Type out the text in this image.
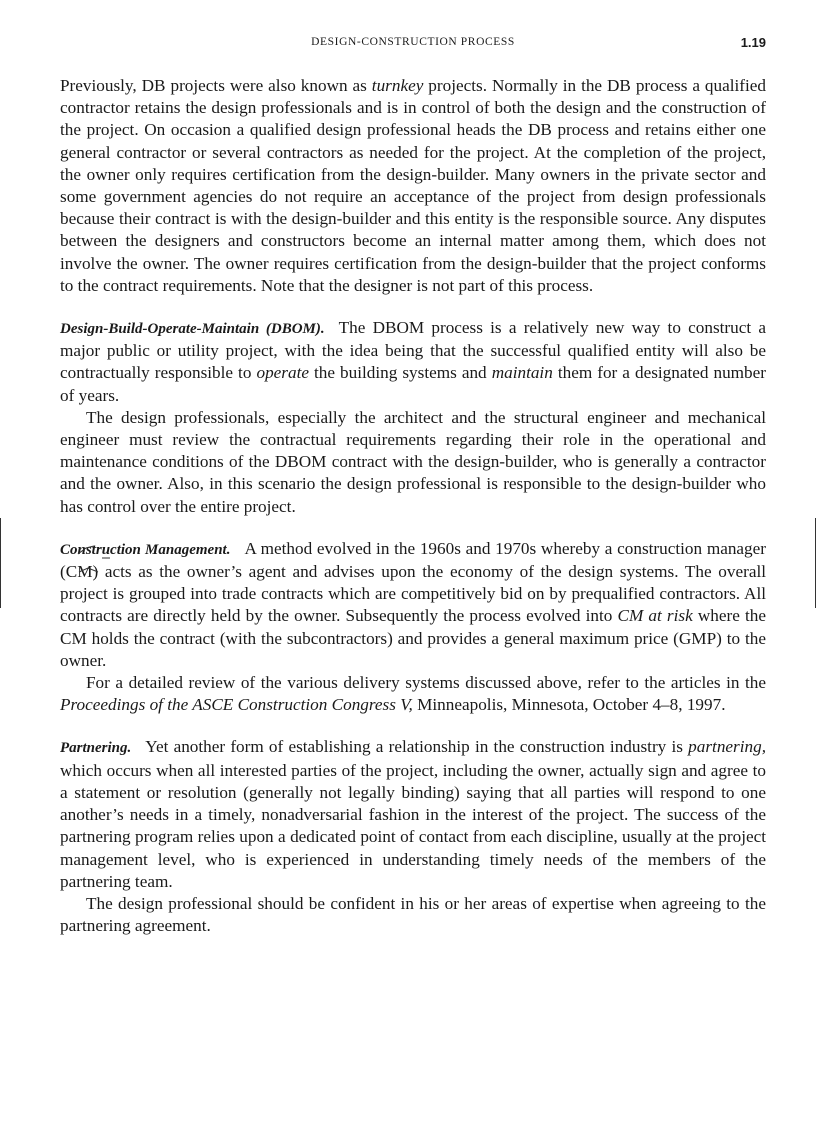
DESIGN-CONSTRUCTION PROCESS	1.19

Previously, DB projects were also known as turnkey projects. Normally in the DB process a qualified contractor retains the design professionals and is in control of both the design and the construction of the project. On occasion a qualified design professional heads the DB process and retains either one general contractor or several contractors as needed for the project. At the completion of the project, the owner only requires certification from the design-builder. Many owners in the private sector and some government agencies do not require an acceptance of the project from design professionals because their contract is with the design-builder and this entity is the responsible source. Any disputes between the designers and constructors become an internal matter among them, which does not involve the owner. The owner requires certification from the design-builder that the project conforms to the contract requirements. Note that the designer is not part of this process.

Design-Build-Operate-Maintain (DBOM). The DBOM process is a relatively new way to construct a major public or utility project, with the idea being that the successful qualified entity will also be contractually responsible to operate the building systems and maintain them for a designated number of years.

The design professionals, especially the architect and the structural engineer and mechanical engineer must review the contractual requirements regarding their role in the operational and maintenance conditions of the DBOM contract with the design-builder, who is generally a contractor and the owner. Also, in this scenario the design professional is responsible to the design-builder who has control over the entire project.

Construction Management. A method evolved in the 1960s and 1970s whereby a construction manager (CM) acts as the owner’s agent and advises upon the economy of the design systems. The overall project is grouped into trade contracts which are competitively bid on by prequalified contractors. All contracts are directly held by the owner. Subsequently the process evolved into CM at risk where the CM holds the contract (with the subcontractors) and provides a general maximum price (GMP) to the owner.

For a detailed review of the various delivery systems discussed above, refer to the articles in the Proceedings of the ASCE Construction Congress V, Minneapolis, Minnesota, October 4–8, 1997.

Partnering. Yet another form of establishing a relationship in the construction industry is partnering, which occurs when all interested parties of the project, including the owner, actually sign and agree to a statement or resolution (generally not legally binding) saying that all parties will respond to one another’s needs in a timely, nonadversarial fashion in the interest of the project. The success of the partnering program relies upon a dedicated point of contact from each discipline, usually at the project management level, who is experienced in understanding timely needs of the members of the partnering team.

The design professional should be confident in his or her areas of expertise when agreeing to the partnering agreement.
